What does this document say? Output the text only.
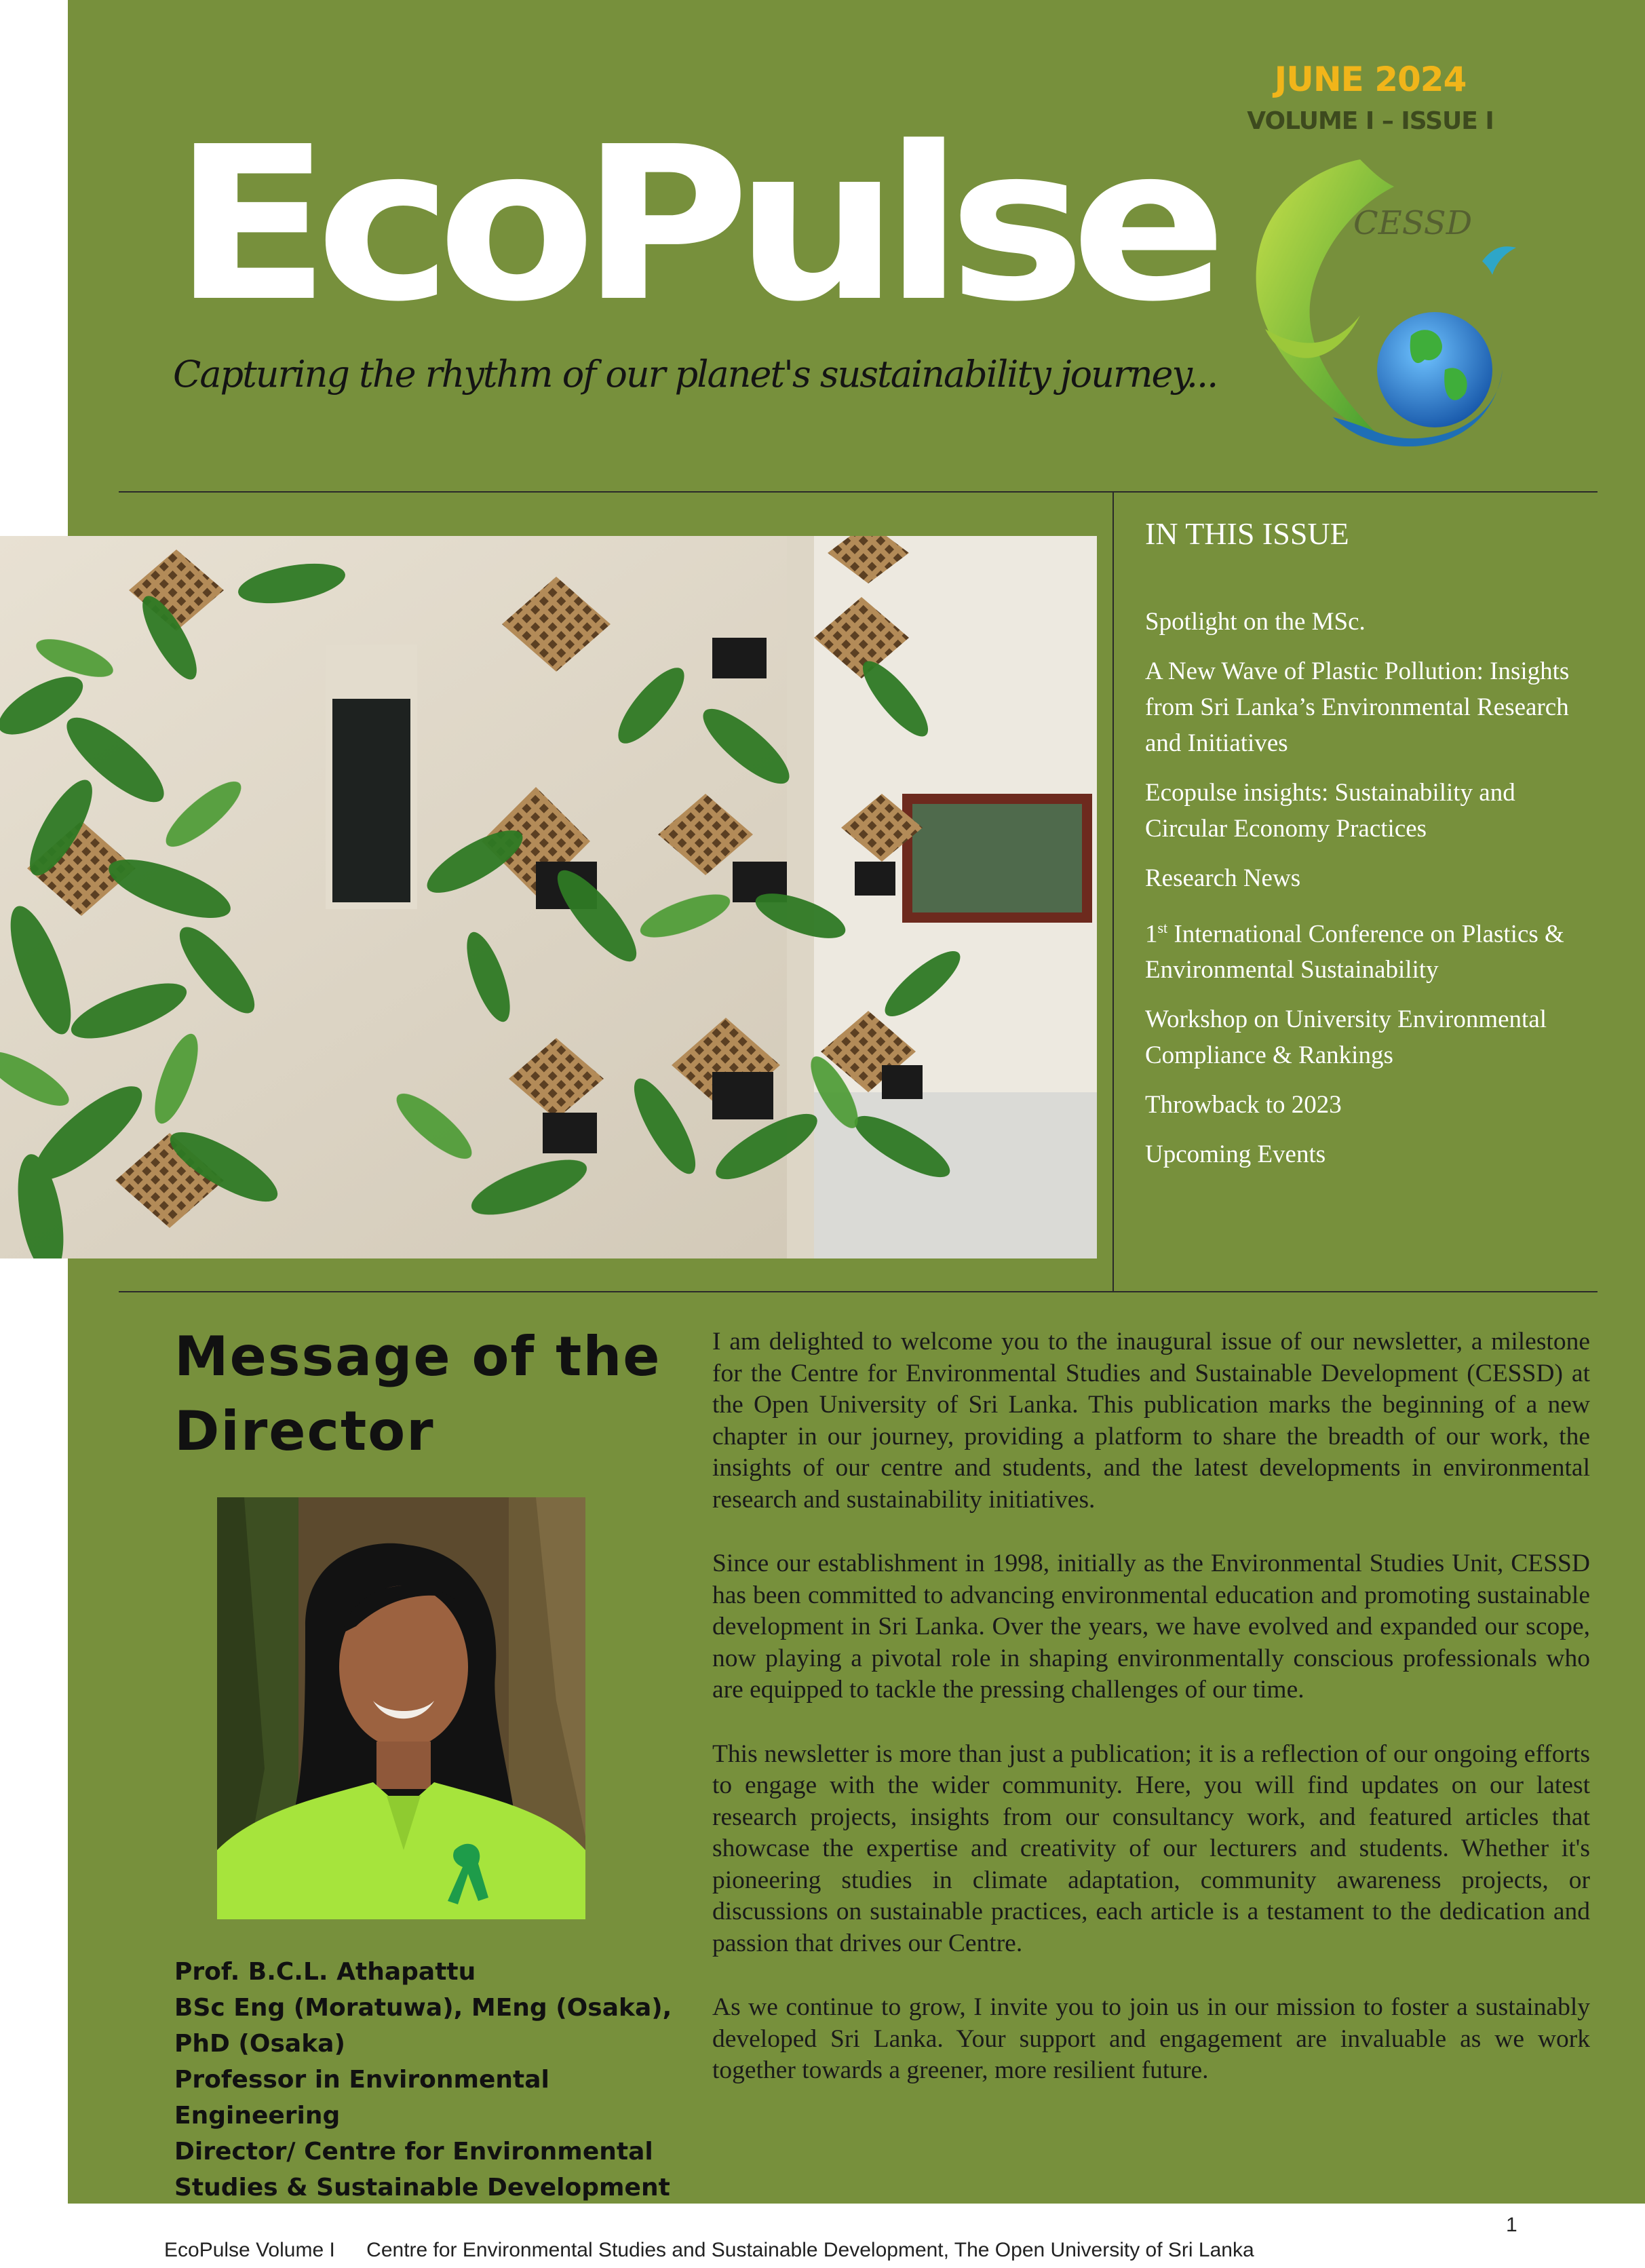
JUNE 2024
VOLUME I – ISSUE I
EcoPulse
Capturing the rhythm of our planet's sustainability journey...
CESSD
IN THIS ISSUE
Spotlight on the MSc.
A New Wave of Plastic Pollution: Insights from Sri Lanka’s Environmental Research and Initiatives
Ecopulse insights: Sustainability and Circular Economy Practices
Research News
1st International Conference on Plastics & Environmental Sustainability
Workshop on University Environmental Compliance & Rankings
Throwback to 2023
Upcoming Events
Message of the Director
Prof. B.C.L. Athapattu
BSc Eng (Moratuwa), MEng (Osaka),
PhD (Osaka)
Professor in Environmental Engineering
Director/ Centre for Environmental
Studies & Sustainable Development

I am delighted to welcome you to the inaugural issue of our newsletter, a milestone for the Centre for Environmental Studies and Sustainable Development (CESSD) at the Open University of Sri Lanka. This publication marks the beginning of a new chapter in our journey, providing a platform to share the breadth of our work, the insights of our centre and students, and the latest developments in environmental research and sustainability initiatives.

Since our establishment in 1998, initially as the Environmental Studies Unit, CESSD has been committed to advancing environmental education and promoting sustainable development in Sri Lanka. Over the years, we have evolved and expanded our scope, now playing a pivotal role in shaping environmentally conscious professionals who are equipped to tackle the pressing challenges of our time.

This newsletter is more than just a publication; it is a reflection of our ongoing efforts to engage with the wider community. Here, you will find updates on our latest research projects, insights from our consultancy work, and featured articles that showcase the expertise and creativity of our lecturers and students. Whether it's pioneering studies in climate adaptation, community awareness projects, or discussions on sustainable practices, each article is a testament to the dedication and passion that drives our Centre.

As we continue to grow, I invite you to join us in our mission to foster a sustainably developed Sri Lanka. Your support and engagement are invaluable as we work together towards a greener, more resilient future.

1
EcoPulse Volume I Centre for Environmental Studies and Sustainable Development, The Open University of Sri Lanka
